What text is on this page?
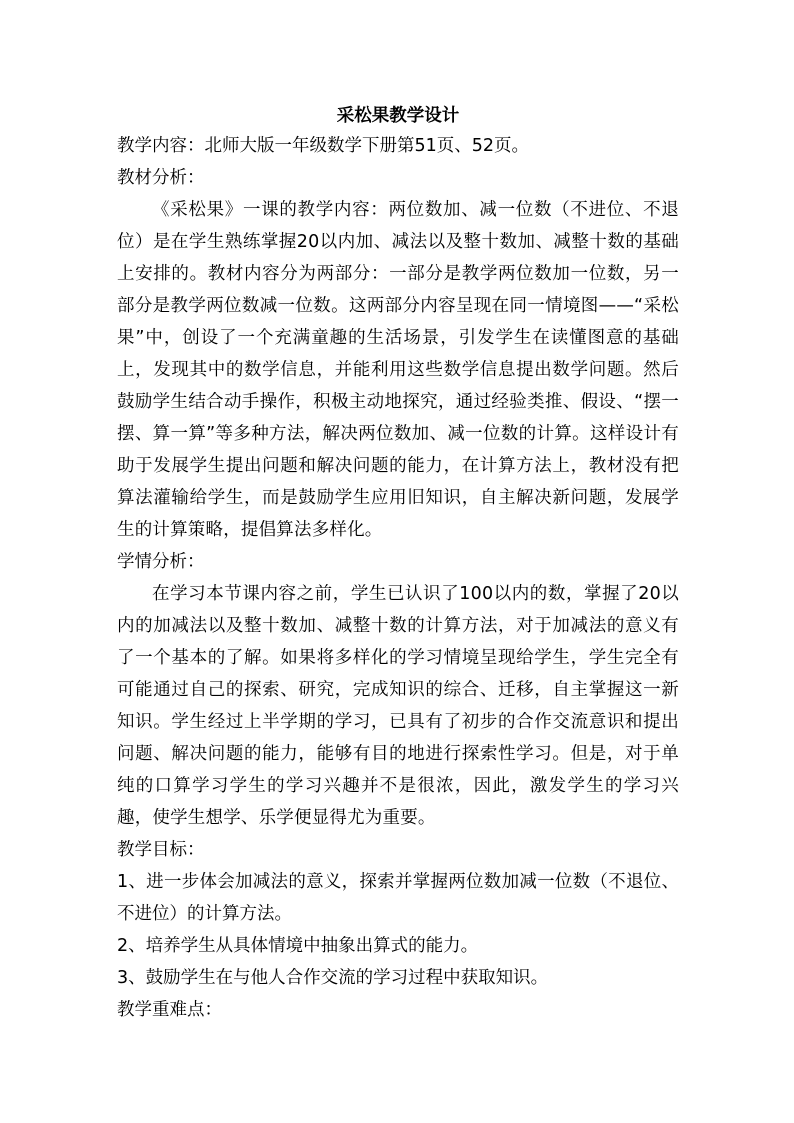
采松果教学设计

教学内容：北师大版一年级数学下册第51页、52页。

教材分析：

《采松果》一课的教学内容：两位数加、减一位数（不进位、不退位）是在学生熟练掌握20以内加、减法以及整十数加、减整十数的基础上安排的。教材内容分为两部分：一部分是教学两位数加一位数，另一部分是教学两位数减一位数。这两部分内容呈现在同一情境图——“采松果”中，创设了一个充满童趣的生活场景，引发学生在读懂图意的基础上，发现其中的数学信息，并能利用这些数学信息提出数学问题。然后鼓励学生结合动手操作，积极主动地探究，通过经验类推、假设、“摆一摆、算一算”等多种方法，解决两位数加、减一位数的计算。这样设计有助于发展学生提出问题和解决问题的能力，在计算方法上，教材没有把算法灌输给学生，而是鼓励学生应用旧知识，自主解决新问题，发展学生的计算策略，提倡算法多样化。

学情分析：

在学习本节课内容之前，学生已认识了100以内的数，掌握了20以内的加减法以及整十数加、减整十数的计算方法，对于加减法的意义有了一个基本的了解。如果将多样化的学习情境呈现给学生，学生完全有可能通过自己的探索、研究，完成知识的综合、迁移，自主掌握这一新知识。学生经过上半学期的学习，已具有了初步的合作交流意识和提出问题、解决问题的能力，能够有目的地进行探索性学习。但是，对于单纯的口算学习学生的学习兴趣并不是很浓，因此，激发学生的学习兴趣，使学生想学、乐学便显得尤为重要。

教学目标：

1、进一步体会加减法的意义，探索并掌握两位数加减一位数（不退位、不进位）的计算方法。

2、培养学生从具体情境中抽象出算式的能力。

3、鼓励学生在与他人合作交流的学习过程中获取知识。

教学重难点：
